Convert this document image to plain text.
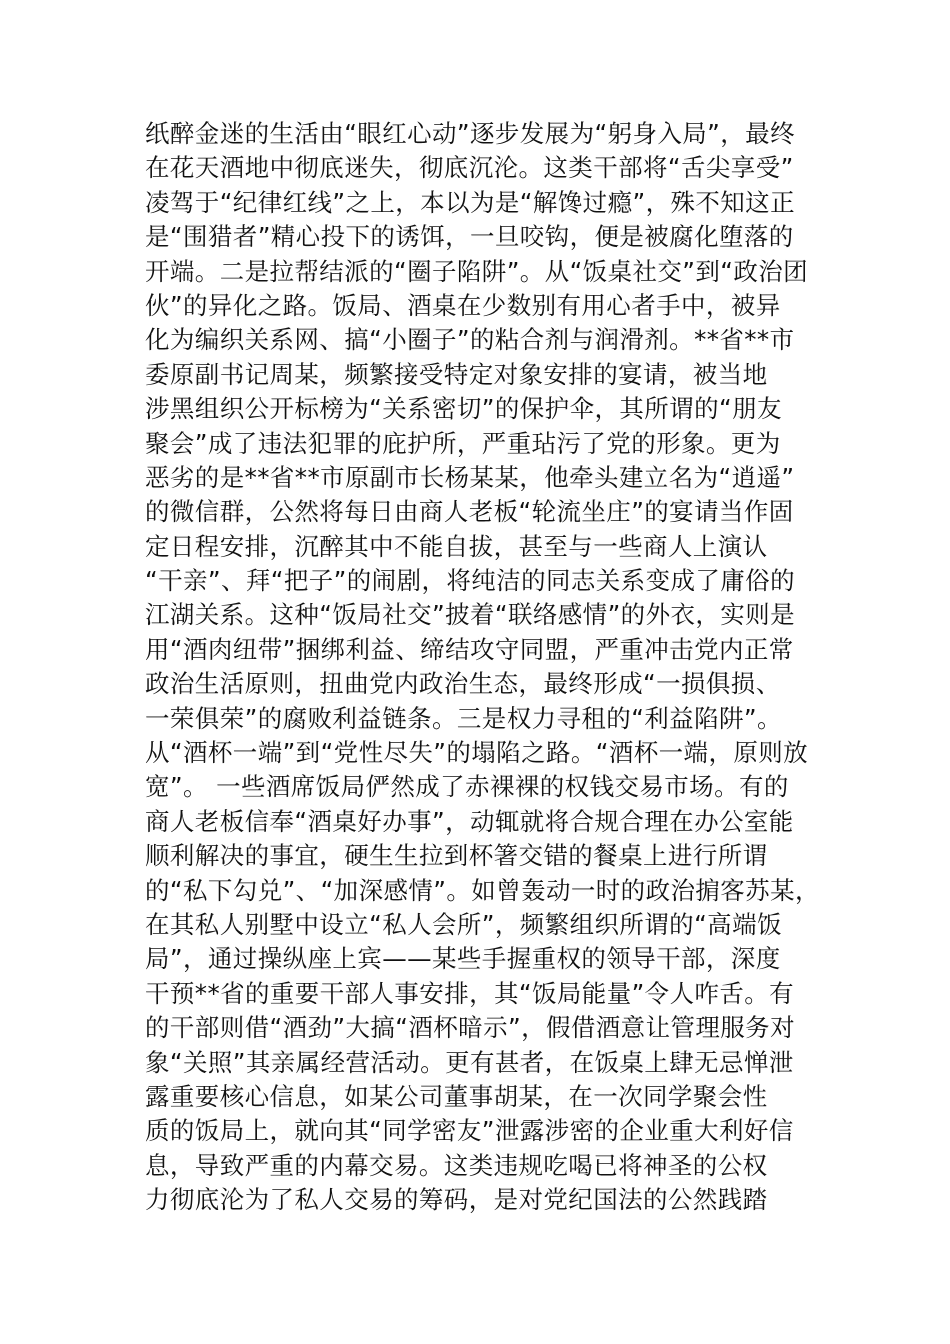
纸醉金迷的生活由“眼红心动”逐步发展为“躬身入局”，最终
在花天酒地中彻底迷失，彻底沉沦。这类干部将“舌尖享受”
凌驾于“纪律红线”之上，本以为是“解馋过瘾”，殊不知这正
是“围猎者”精心投下的诱饵，一旦咬钩，便是被腐化堕落的
开端。二是拉帮结派的“圈子陷阱”。从“饭桌社交”到“政治团
伙”的异化之路。饭局、酒桌在少数别有用心者手中，被异
化为编织关系网、搞“小圈子”的粘合剂与润滑剂。**省**市
委原副书记周某，频繁接受特定对象安排的宴请，被当地
涉黑组织公开标榜为“关系密切”的保护伞，其所谓的“朋友
聚会”成了违法犯罪的庇护所，严重玷污了党的形象。更为
恶劣的是**省**市原副市长杨某某，他牵头建立名为“逍遥”
的微信群，公然将每日由商人老板“轮流坐庄”的宴请当作固
定日程安排，沉醉其中不能自拔，甚至与一些商人上演认
“干亲”、拜“把子”的闹剧，将纯洁的同志关系变成了庸俗的
江湖关系。这种“饭局社交”披着“联络感情”的外衣，实则是
用“酒肉纽带”捆绑利益、缔结攻守同盟，严重冲击党内正常
政治生活原则，扭曲党内政治生态，最终形成“一损俱损、
一荣俱荣”的腐败利益链条。三是权力寻租的“利益陷阱”。
从“酒杯一端”到“党性尽失”的塌陷之路。“酒杯一端，原则放
宽”。 一些酒席饭局俨然成了赤裸裸的权钱交易市场。有的
商人老板信奉“酒桌好办事”，动辄就将合规合理在办公室能
顺利解决的事宜，硬生生拉到杯箸交错的餐桌上进行所谓
的“私下勾兑”、“加深感情”。如曾轰动一时的政治掮客苏某，
在其私人别墅中设立“私人会所”，频繁组织所谓的“高端饭
局”，通过操纵座上宾——某些手握重权的领导干部，深度
干预**省的重要干部人事安排，其“饭局能量”令人咋舌。有
的干部则借“酒劲”大搞“酒杯暗示”，假借酒意让管理服务对
象“关照”其亲属经营活动。更有甚者，在饭桌上肆无忌惮泄
露重要核心信息，如某公司董事胡某，在一次同学聚会性
质的饭局上，就向其“同学密友”泄露涉密的企业重大利好信
息，导致严重的内幕交易。这类违规吃喝已将神圣的公权
力彻底沦为了私人交易的筹码，是对党纪国法的公然践踏
